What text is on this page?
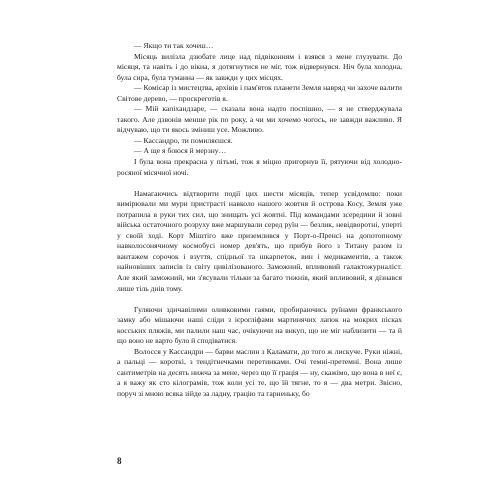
— Якщо ти так хочеш…

Місяць вилізла дзюбате лице над підвіконням і взявся з мене глузувати. До місяця, та навіть і до вікна, я дотягнутися не міг, тож відвернувся. Ніч була холодна, була сира, була туманна — як завжди у цих місцях.

— Комісар із мистецтва, архівів і пам'яток планети Земля навряд чи захоче валити Світове дерево, — прoскрeготів я.

— Мій капіхандзаре, — сказала вона надто поспішно, — я не стверджувала такого. Але дзвонів менше рік по року, а чи ми хочемо чогось, не завжди важливо. Я відчуваю, що ти якось зміниш усе. Можливо.

— Кассандро, ти помиляєшся.

— А ще я боюся й мерзну…

І була вона прекрасна у пітьмі, тож я міцно пригорнув її, рятуючи від холодно-росяної місячної ночі.

Намагаючись відтворити події цих шести місяців, тепер усвідомлю: поки вимірювали ми мури пристрасті навколо нашого жовтня й острова Косу, Земля уже потрапила в руки тих сил, що знищать усі жовтні. Під командами зсередини й зовні війська остаточного розруху вже маршували серед руїн — безлик, невідворотні, уперті у своїй ході. Корт Міштіго вже приземлився у Порт-о-Пренсі на допотопному навколосонячному космобусі номер дев'ять, що прибув його з Титану разом із вантажем сорочок і взуття, спідньої та шкарпеток, вин і медикаментів, а також найновіших записів із світу цивілізованого. Заможний, впливовий галактожурналіст. Але який заможний, ми з'ясували тільки за багато тижнів, який впливовий, я дізнався лише тіль днів тому.

Гуляючи здичавілими оливковими гаями, пробираючись руїнами франкського замку або мішаючи наші сліди з ієрогліфами мартинячих лапок на мокрих пісках косських пляжів, ми палили наш час, очікуючи на викуп, що не міг наблизити — та й що воно не варто було й сподіватися.

Волосся у Кассандри — барви маслин з Каламати, до того ж лискуче. Руки ніжні, а пальці — короткі, з тендітнечками перетинками. Очі темні-претемні. Вона лише сантиметрів на десять нижча за мене, через що її грація — ну, скажімо, що вона в неї є, а я важу як сто кілограмів, тож коли усі те, що їй тягне, то я — два метри. Звісно, поруч зі мною всяка зійде за ладну, грацію та гарненьку, бо

8
